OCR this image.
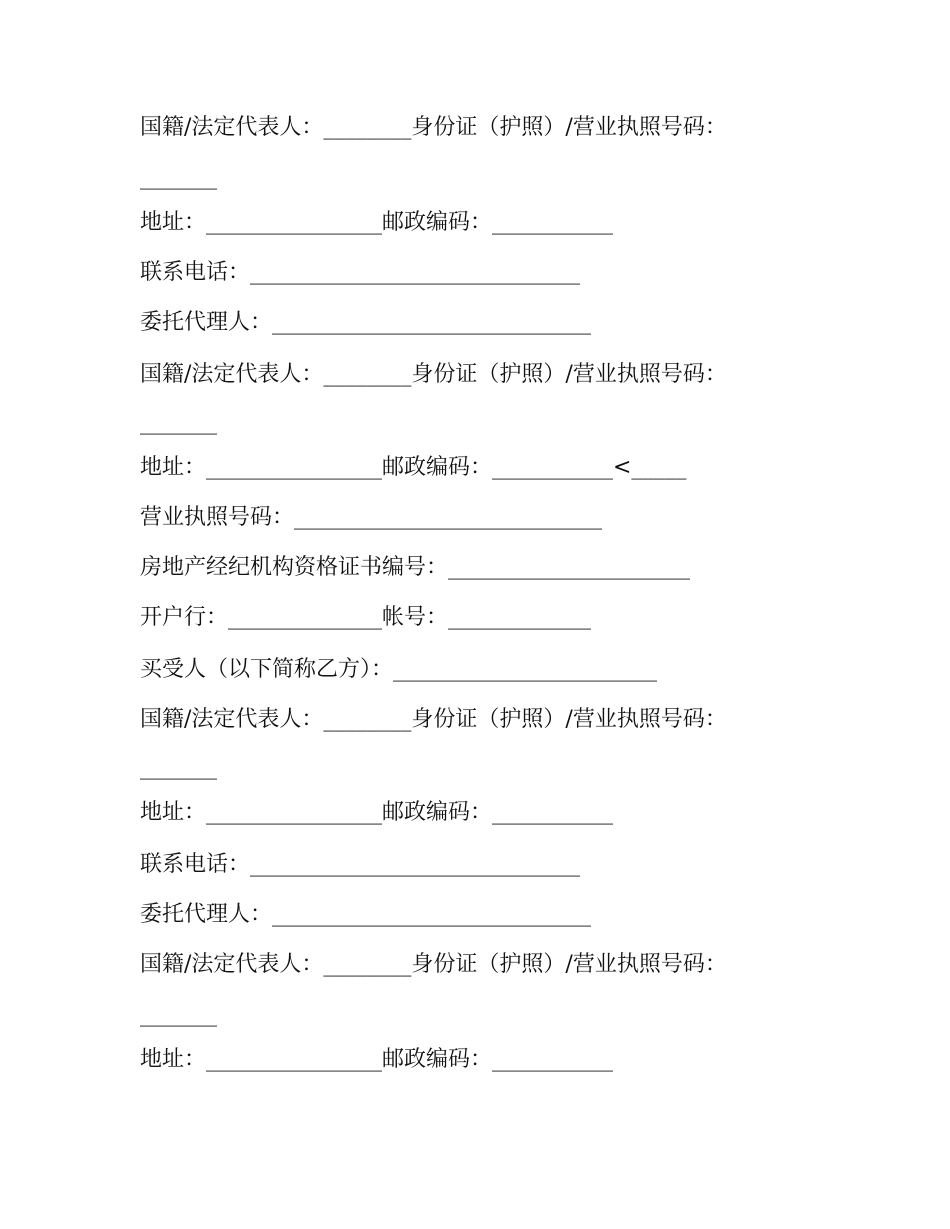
国籍/法定代表人：________身份证（护照）/营业执照号码：
_______
地址：________________邮政编码：___________
联系电话：______________________________
委托代理人：_____________________________
国籍/法定代表人：________身份证（护照）/营业执照号码：
_______
地址：________________邮政编码：___________<_____
营业执照号码：____________________________
房地产经纪机构资格证书编号：______________________
开户行：______________帐号：_____________
买受人（以下简称乙方）：________________________
国籍/法定代表人：________身份证（护照）/营业执照号码：
_______
地址：________________邮政编码：___________
联系电话：______________________________
委托代理人：_____________________________
国籍/法定代表人：________身份证（护照）/营业执照号码：
_______
地址：________________邮政编码：___________
